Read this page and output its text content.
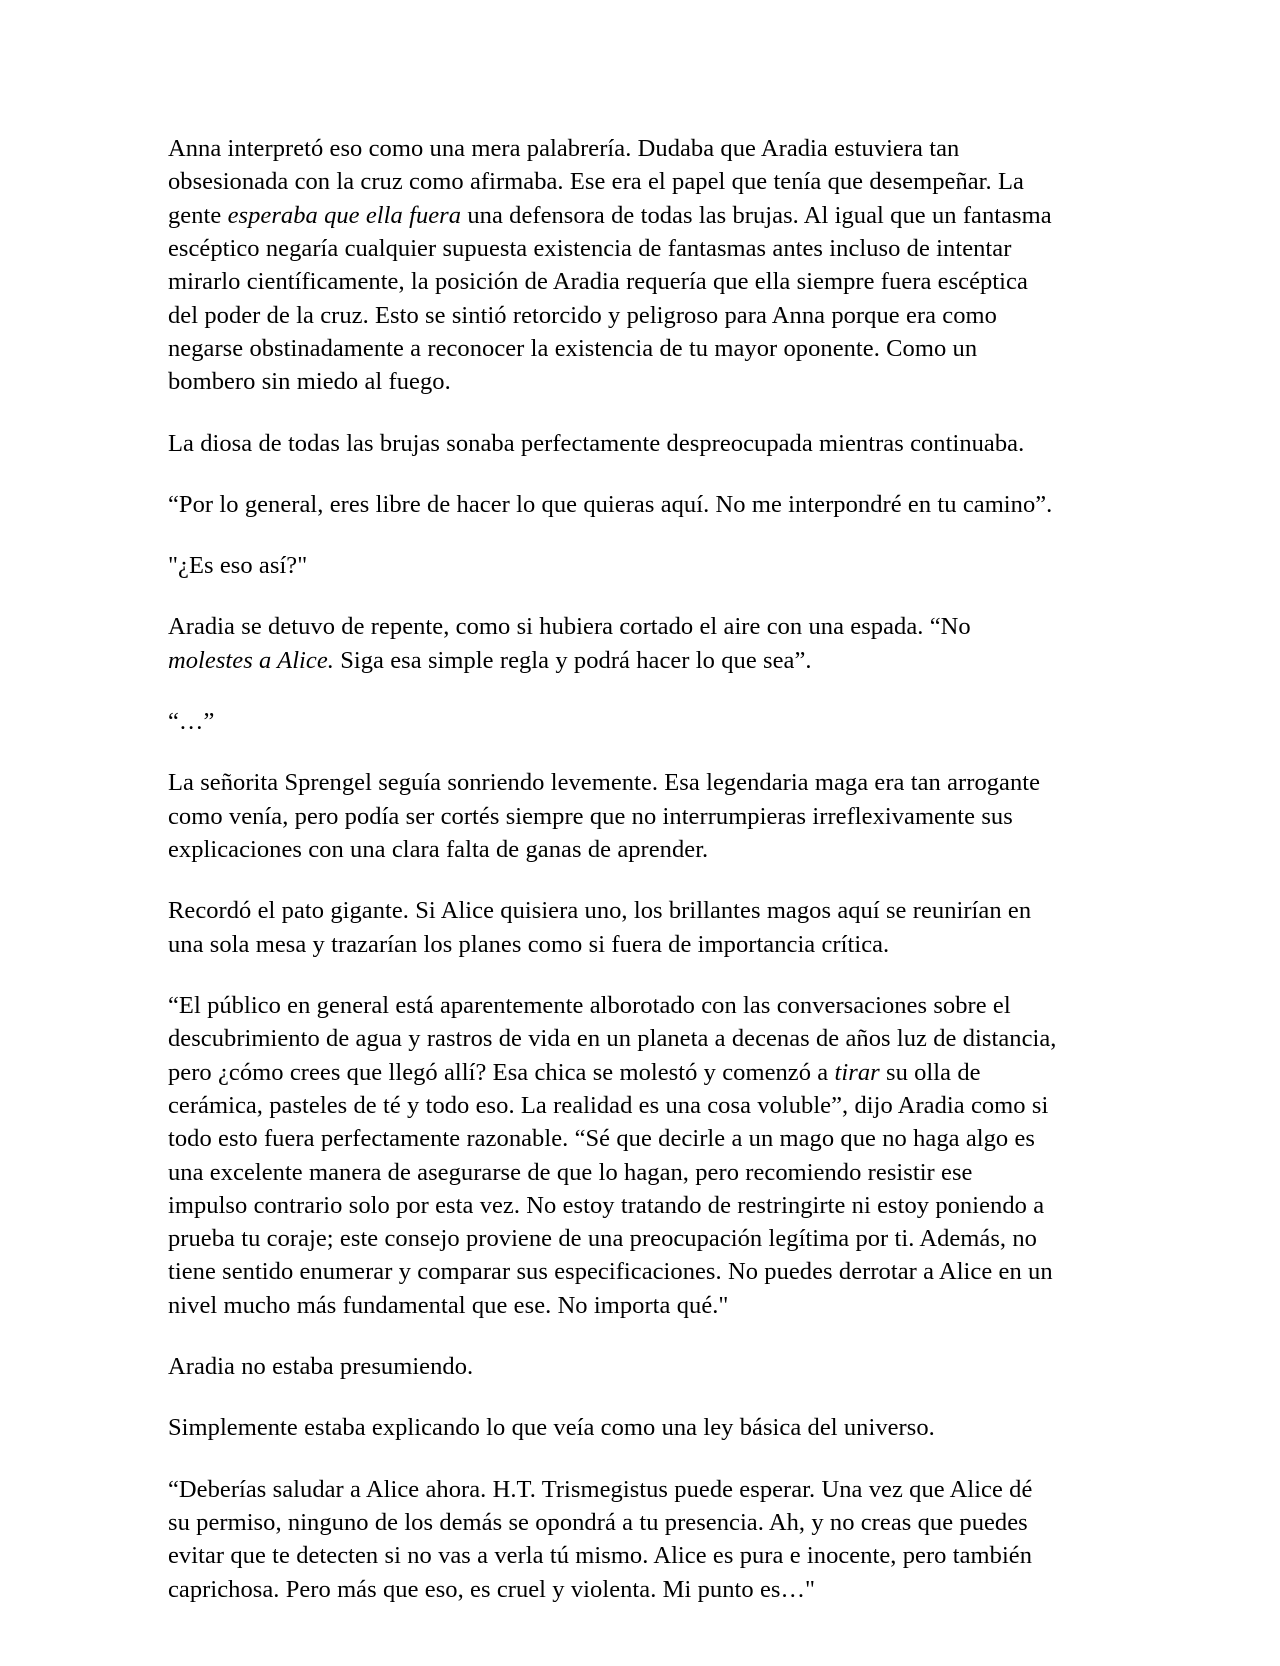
Anna interpretó eso como una mera palabrería. Dudaba que Aradia estuviera tan obsesionada con la cruz como afirmaba. Ese era el papel que tenía que desempeñar. La gente esperaba que ella fuera una defensora de todas las brujas. Al igual que un fantasma escéptico negaría cualquier supuesta existencia de fantasmas antes incluso de intentar mirarlo científicamente, la posición de Aradia requería que ella siempre fuera escéptica del poder de la cruz. Esto se sintió retorcido y peligroso para Anna porque era como negarse obstinadamente a reconocer la existencia de tu mayor oponente. Como un bombero sin miedo al fuego.

La diosa de todas las brujas sonaba perfectamente despreocupada mientras continuaba.

“Por lo general, eres libre de hacer lo que quieras aquí. No me interpondré en tu camino”.

"¿Es eso así?"

Aradia se detuvo de repente, como si hubiera cortado el aire con una espada. “No molestes a Alice. Siga esa simple regla y podrá hacer lo que sea”.

“…”

La señorita Sprengel seguía sonriendo levemente. Esa legendaria maga era tan arrogante como venía, pero podía ser cortés siempre que no interrumpieras irreflexivamente sus explicaciones con una clara falta de ganas de aprender.

Recordó el pato gigante. Si Alice quisiera uno, los brillantes magos aquí se reunirían en una sola mesa y trazarían los planes como si fuera de importancia crítica.

“El público en general está aparentemente alborotado con las conversaciones sobre el descubrimiento de agua y rastros de vida en un planeta a decenas de años luz de distancia, pero ¿cómo crees que llegó allí? Esa chica se molestó y comenzó a tirar su olla de cerámica, pasteles de té y todo eso. La realidad es una cosa voluble”, dijo Aradia como si todo esto fuera perfectamente razonable. “Sé que decirle a un mago que no haga algo es una excelente manera de asegurarse de que lo hagan, pero recomiendo resistir ese impulso contrario solo por esta vez. No estoy tratando de restringirte ni estoy poniendo a prueba tu coraje; este consejo proviene de una preocupación legítima por ti. Además, no tiene sentido enumerar y comparar sus especificaciones. No puedes derrotar a Alice en un nivel mucho más fundamental que ese. No importa qué."

Aradia no estaba presumiendo.

Simplemente estaba explicando lo que veía como una ley básica del universo.

“Deberías saludar a Alice ahora. H.T. Trismegistus puede esperar. Una vez que Alice dé su permiso, ninguno de los demás se opondrá a tu presencia. Ah, y no creas que puedes evitar que te detecten si no vas a verla tú mismo. Alice es pura e inocente, pero también caprichosa. Pero más que eso, es cruel y violenta. Mi punto es…"
